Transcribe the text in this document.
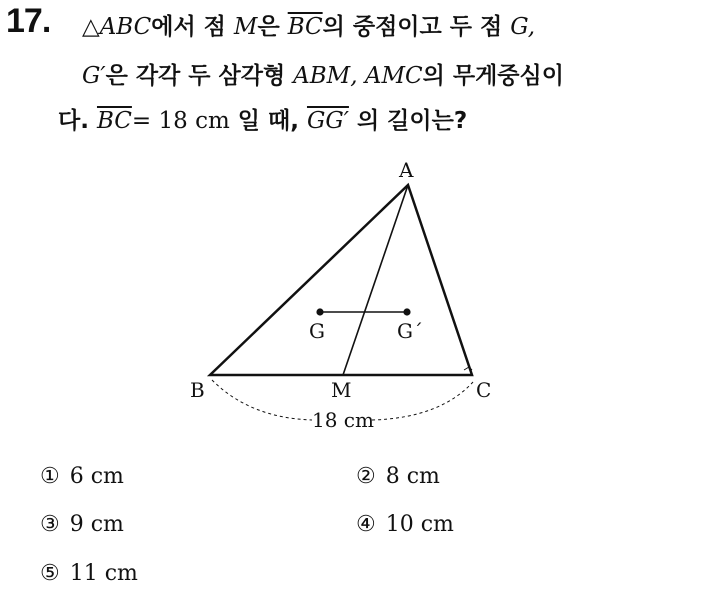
17. △ABC에서 점 M은 $\overline{BC}$의 중점이고 두 점 G,
G′은 각각 두 삼각형 ABM, AMC의 무게중심이
다. $\overline{BC}= 18$ cm 일 때, GG′ 의 길이는?
A
B	C
M
G	G´
18 cm
① 6 cm	② 8 cm
③ 9 cm	④ 10 cm
⑤ 11 cm
